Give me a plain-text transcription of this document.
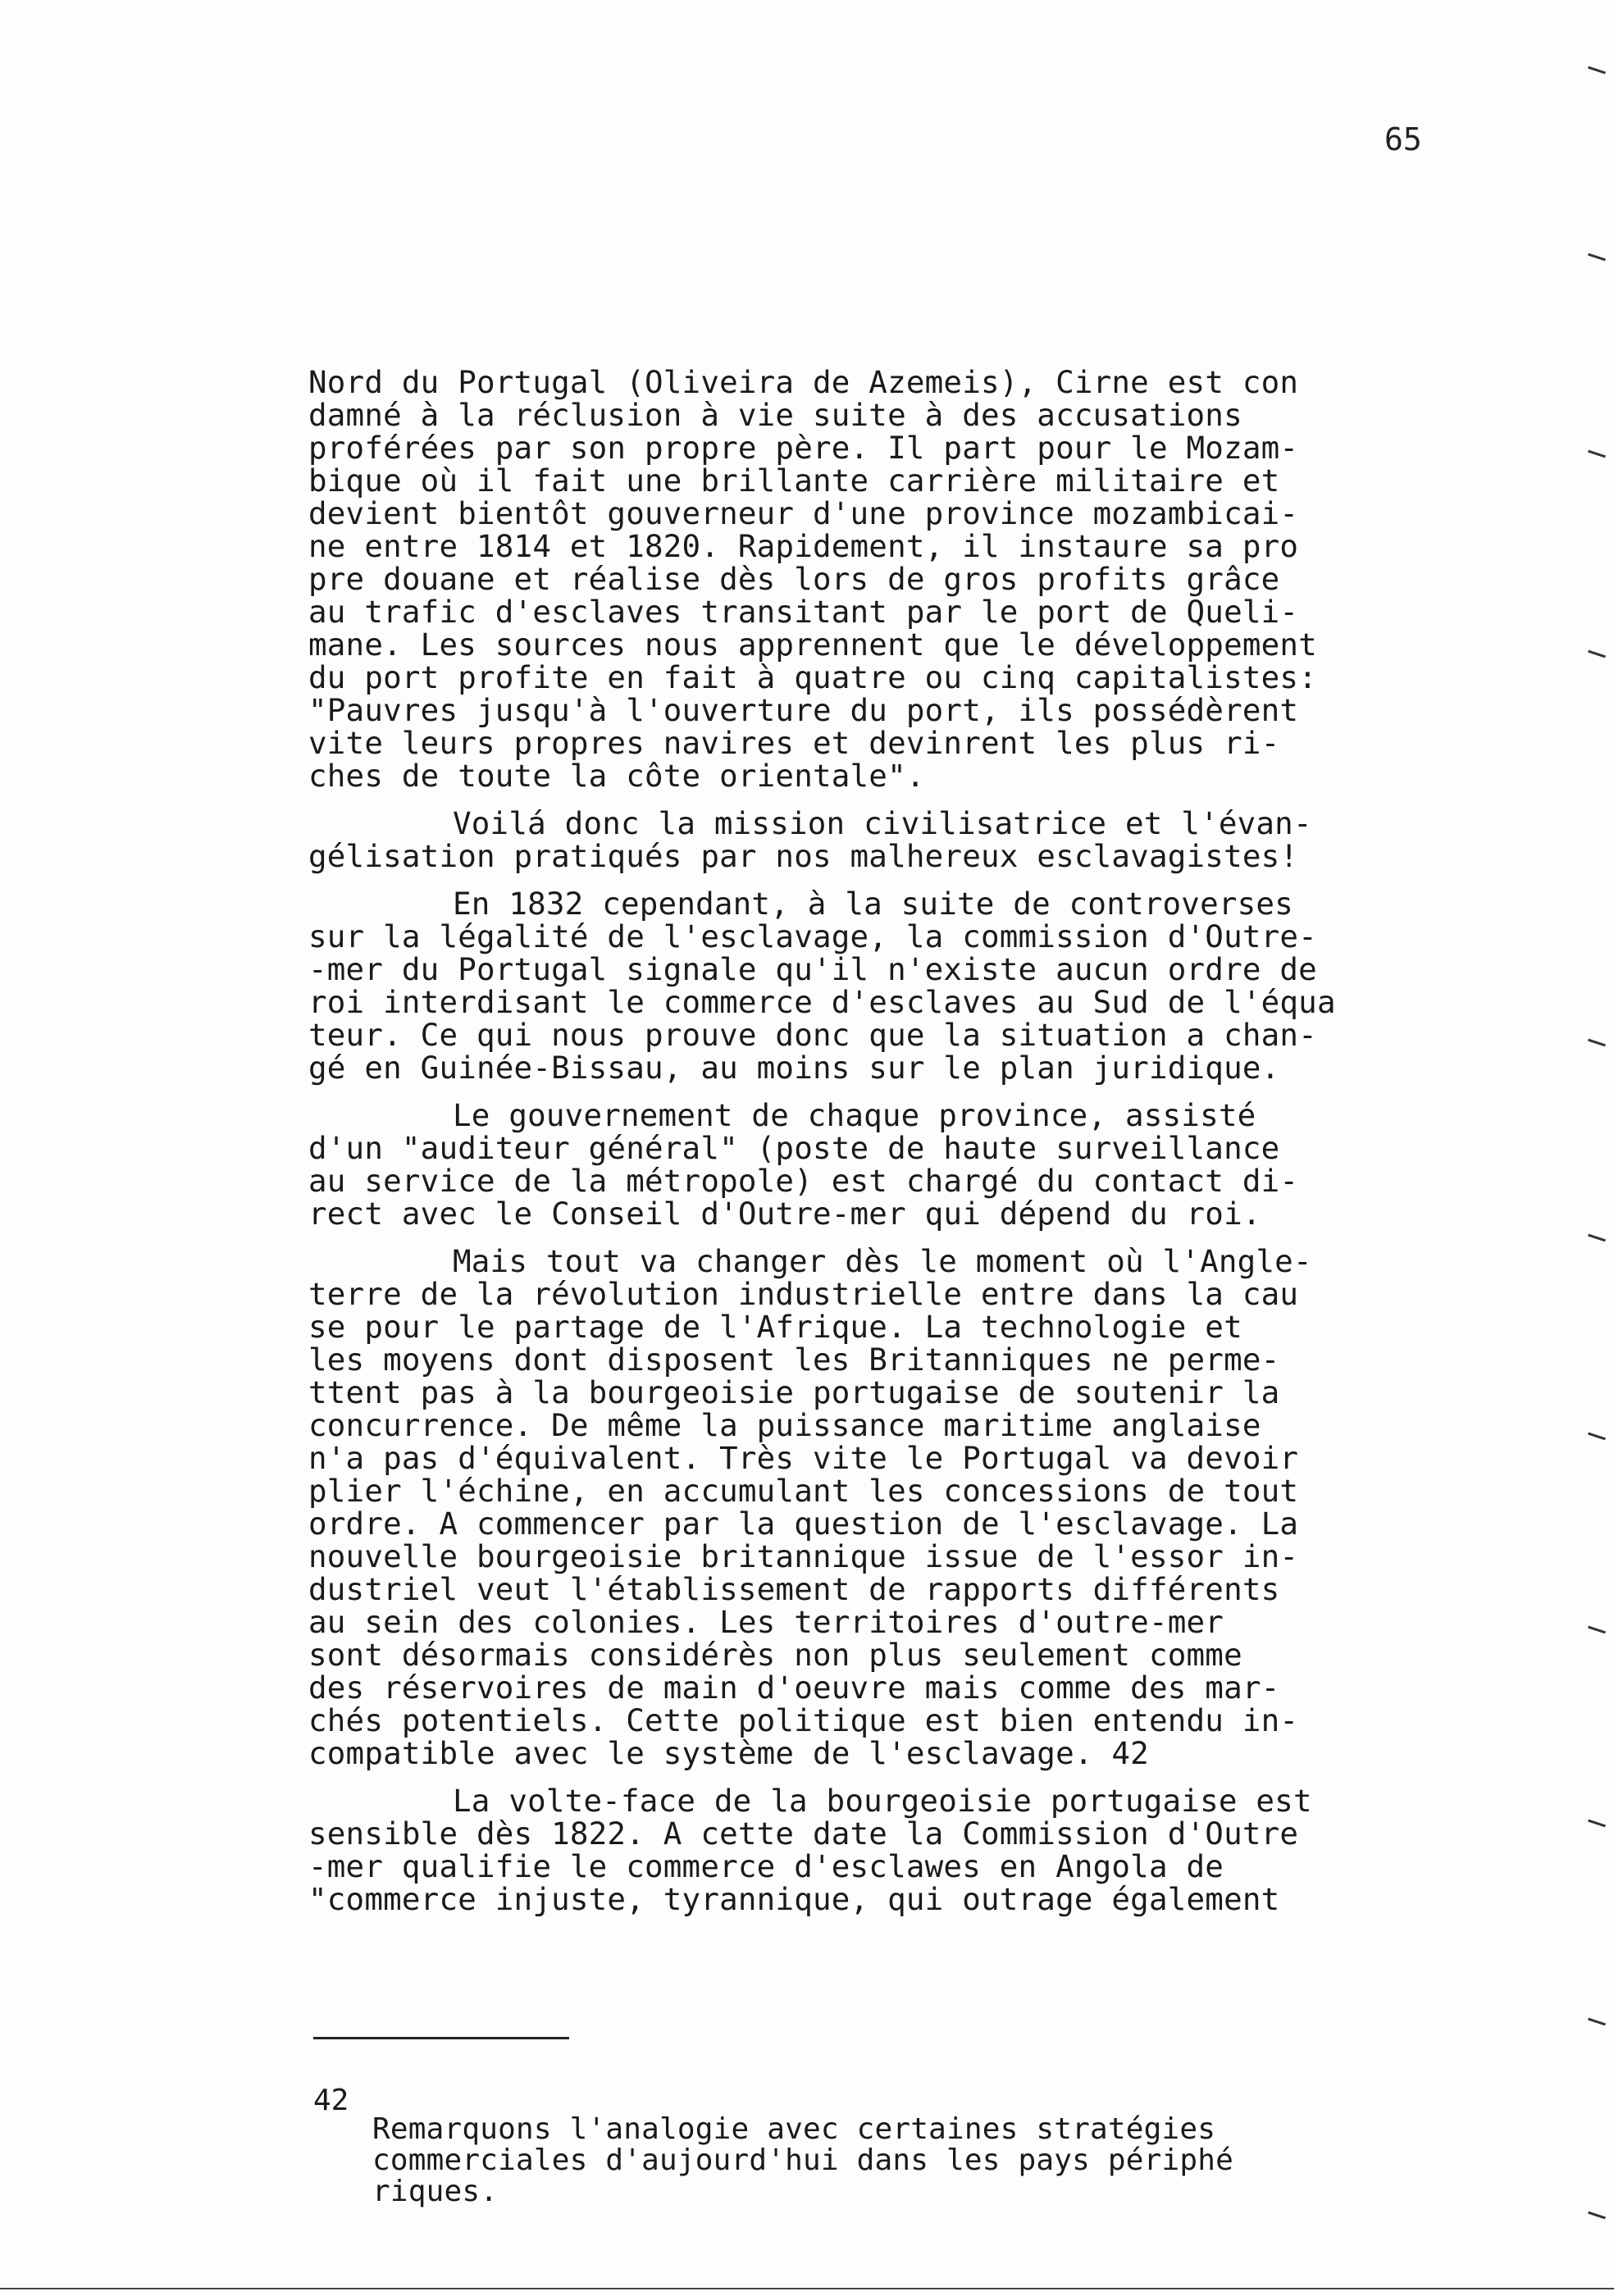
65
Nord du Portugal (Oliveira de Azemeis), Cirne est con
damné à la réclusion à vie suite à des accusations
proférées par son propre père. Il part pour le Mozam-
bique où il fait une brillante carrière militaire et
devient bientôt gouverneur d'une province mozambicai-
ne entre 1814 et 1820. Rapidement, il instaure sa pro
pre douane et réalise dès lors de gros profits grâce
au trafic d'esclaves transitant par le port de Queli-
mane. Les sources nous apprennent que le développement
du port profite en fait à quatre ou cinq capitalistes:
"Pauvres jusqu'à l'ouverture du port, ils possédèrent
vite leurs propres navires et devinrent les plus ri-
ches de toute la côte orientale".
Voilá donc la mission civilisatrice et l'évan-
gélisation pratiqués par nos malhereux esclavagistes!
En 1832 cependant, à la suite de controverses
sur la légalité de l'esclavage, la commission d'Outre-
-mer du Portugal signale qu'il n'existe aucun ordre de
roi interdisant le commerce d'esclaves au Sud de l'équa
teur. Ce qui nous prouve donc que la situation a chan-
gé en Guinée-Bissau, au moins sur le plan juridique.
Le gouvernement de chaque province, assisté
d'un "auditeur général" (poste de haute surveillance
au service de la métropole) est chargé du contact di-
rect avec le Conseil d'Outre-mer qui dépend du roi.
Mais tout va changer dès le moment où l'Angle-
terre de la révolution industrielle entre dans la cau
se pour le partage de l'Afrique. La technologie et
les moyens dont disposent les Britanniques ne perme-
ttent pas à la bourgeoisie portugaise de soutenir la
concurrence. De même la puissance maritime anglaise
n'a pas d'équivalent. Très vite le Portugal va devoir
plier l'échine, en accumulant les concessions de tout
ordre. A commencer par la question de l'esclavage. La
nouvelle bourgeoisie britannique issue de l'essor in-
dustriel veut l'établissement de rapports différents
au sein des colonies. Les territoires d'outre-mer
sont désormais considérès non plus seulement comme
des réservoires de main d'oeuvre mais comme des mar-
chés potentiels. Cette politique est bien entendu in-
compatible avec le système de l'esclavage. 42
La volte-face de la bourgeoisie portugaise est
sensible dès 1822. A cette date la Commission d'Outre
-mer qualifie le commerce d'esclawes en Angola de
"commerce injuste, tyrannique, qui outrage également
42
Remarquons l'analogie avec certaines stratégies
commerciales d'aujourd'hui dans les pays périphé
riques.
